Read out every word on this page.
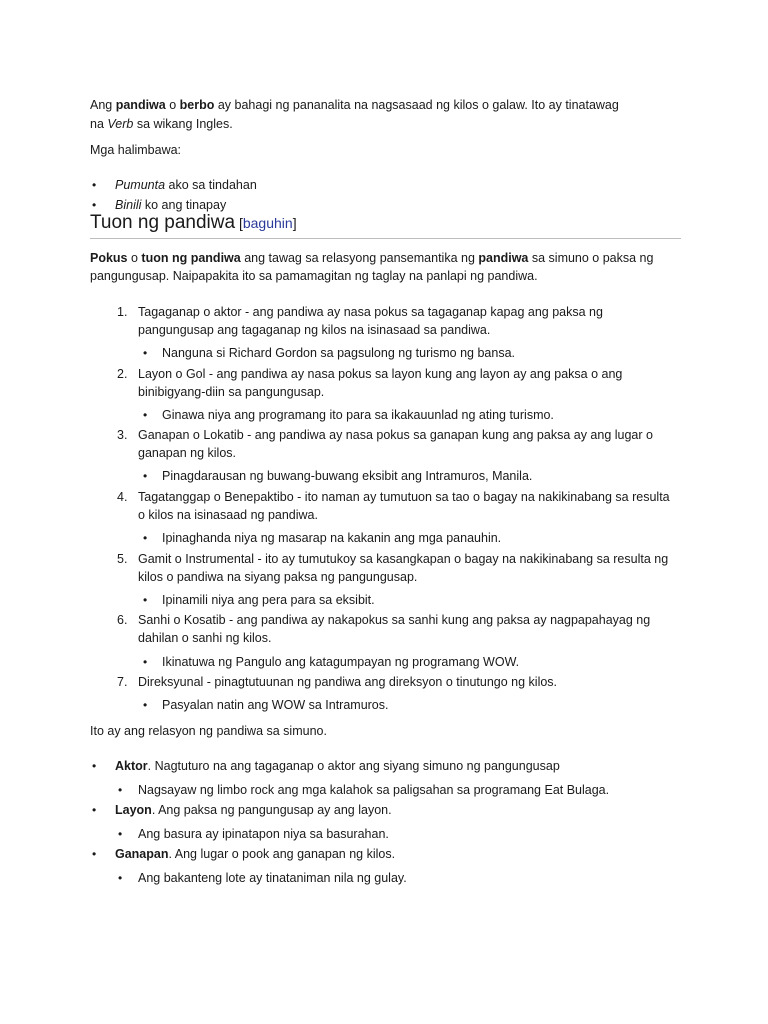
Ang pandiwa o berbo ay bahagi ng pananalita na nagsasaad ng kilos o galaw. Ito ay tinatawag
na Verb sa wikang Ingles.
Mga halimbawa:
• Pumunta ako sa tindahan
• Binili ko ang tinapay
Tuon ng pandiwa [baguhin]
Pokus o tuon ng pandiwa ang tawag sa relasyong pansemantika ng pandiwa sa simuno o paksa ng
pangungusap. Naipapakita ito sa pamamagitan ng taglay na panlapi ng pandiwa.
1. Tagaganap o aktor - ang pandiwa ay nasa pokus sa tagaganap kapag ang paksa ng
pangungusap ang tagaganap ng kilos na isinasaad sa pandiwa.
• Nanguna si Richard Gordon sa pagsulong ng turismo ng bansa.
2. Layon o Gol - ang pandiwa ay nasa pokus sa layon kung ang layon ay ang paksa o ang
binibigyang-diin sa pangungusap.
• Ginawa niya ang programang ito para sa ikakauunlad ng ating turismo.
3. Ganapan o Lokatib - ang pandiwa ay nasa pokus sa ganapan kung ang paksa ay ang lugar o
ganapan ng kilos.
• Pinagdarausan ng buwang-buwang eksibit ang Intramuros, Manila.
4. Tagatanggap o Benepaktibo - ito naman ay tumutuon sa tao o bagay na nakikinabang sa resulta
o kilos na isinasaad ng pandiwa.
• Ipinaghanda niya ng masarap na kakanin ang mga panauhin.
5. Gamit o Instrumental - ito ay tumutukoy sa kasangkapan o bagay na nakikinabang sa resulta ng
kilos o pandiwa na siyang paksa ng pangungusap.
• Ipinamili niya ang pera para sa eksibit.
6. Sanhi o Kosatib - ang pandiwa ay nakapokus sa sanhi kung ang paksa ay nagpapahayag ng
dahilan o sanhi ng kilos.
• Ikinatuwa ng Pangulo ang katagumpayan ng programang WOW.
7. Direksyunal - pinagtutuunan ng pandiwa ang direksyon o tinutungo ng kilos.
• Pasyalan natin ang WOW sa Intramuros.
Ito ay ang relasyon ng pandiwa sa simuno.
• Aktor. Nagtuturo na ang tagaganap o aktor ang siyang simuno ng pangungusap
• Nagsayaw ng limbo rock ang mga kalahok sa paligsahan sa programang Eat Bulaga.
• Layon. Ang paksa ng pangungusap ay ang layon.
• Ang basura ay ipinatapon niya sa basurahan.
• Ganapan. Ang lugar o pook ang ganapan ng kilos.
• Ang bakanteng lote ay tinataniman nila ng gulay.
